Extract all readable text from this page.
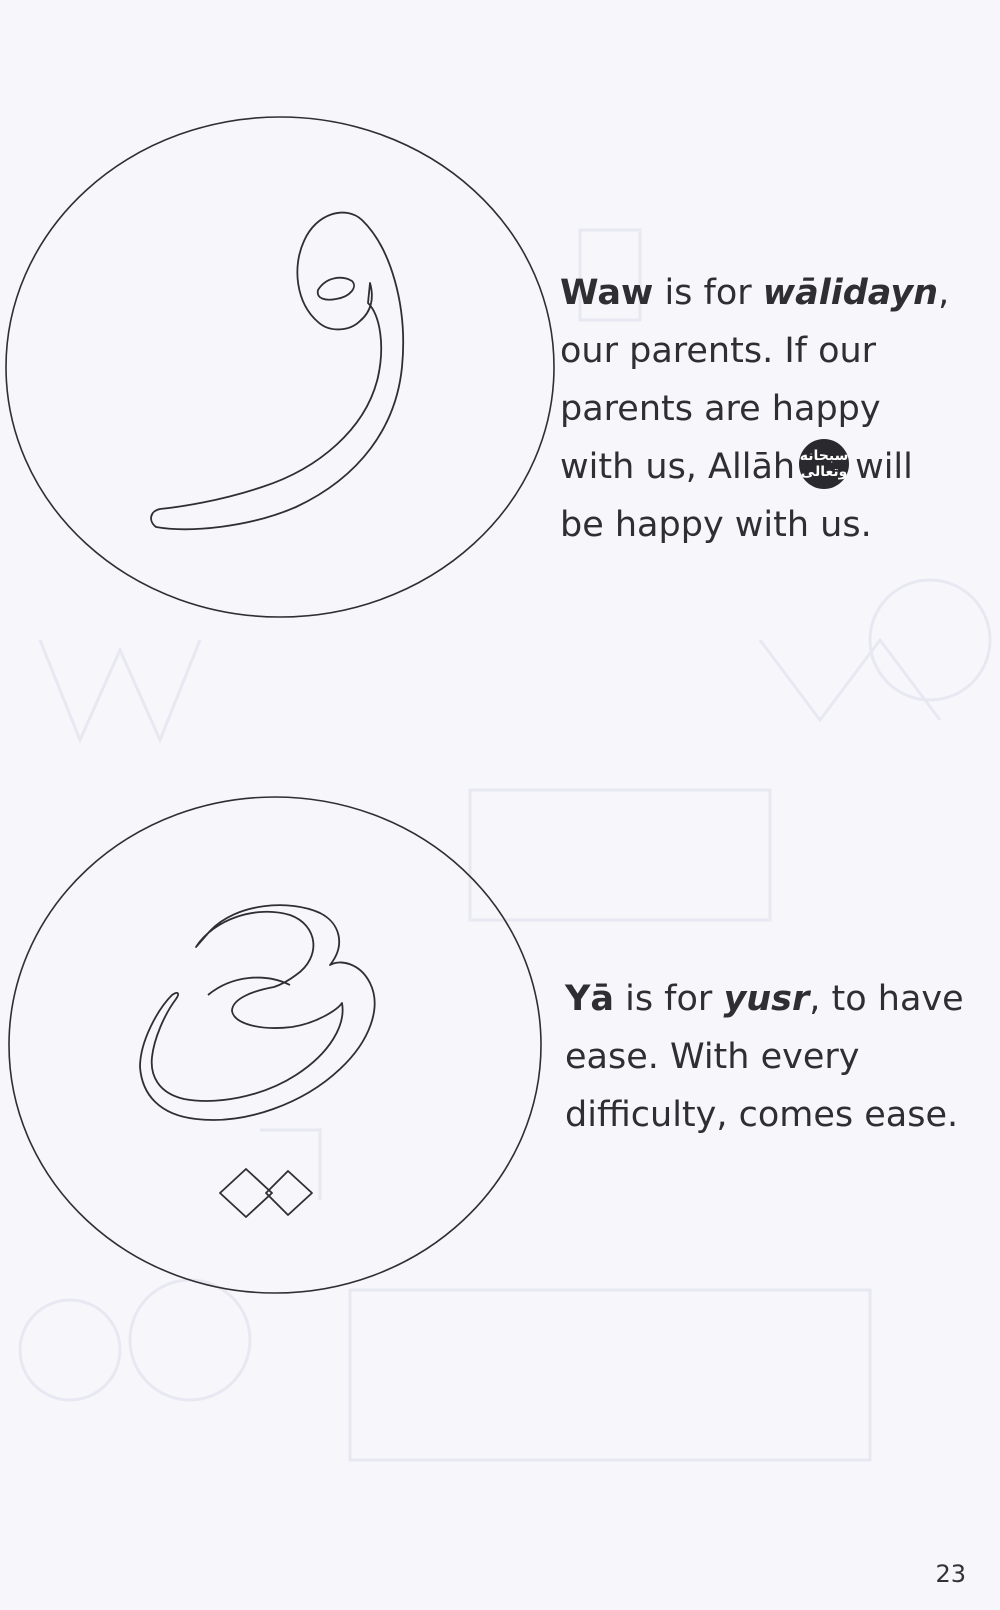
Waw is for wālidayn,
our parents. If our
parents are happy
with us, Allāh سبحانه
وتعالى will
be happy with us.
Yā is for yusr, to have
ease. With every
difficulty, comes ease.
23
